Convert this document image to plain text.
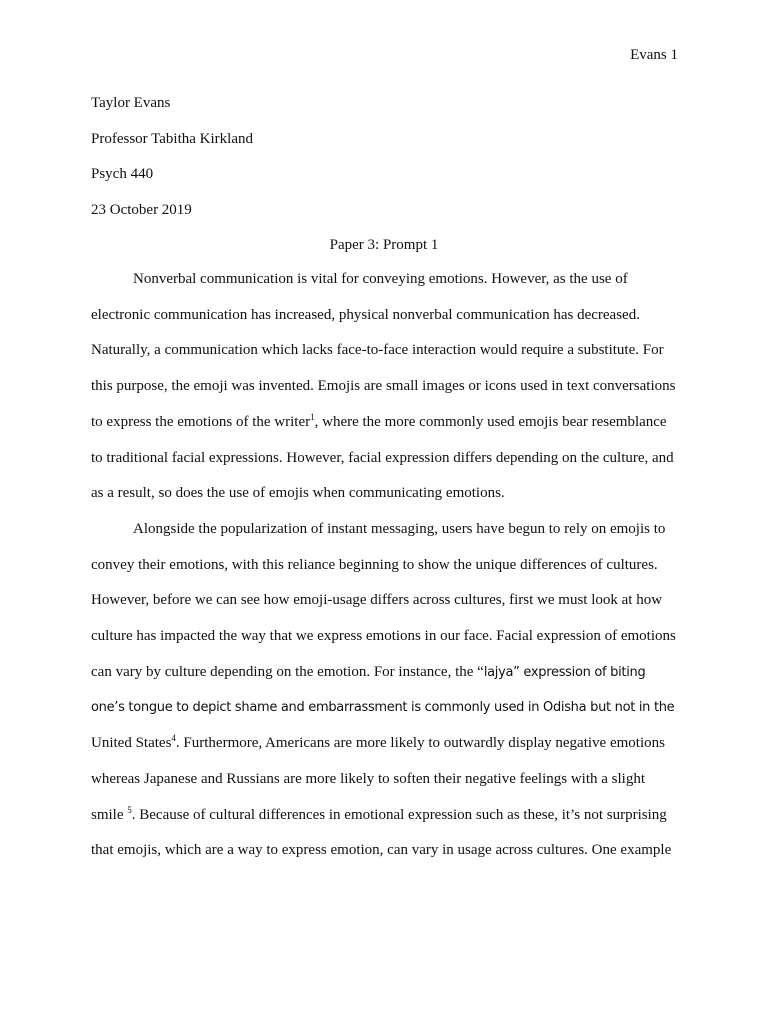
Evans 1
Taylor Evans
Professor Tabitha Kirkland
Psych 440
23 October 2019
Paper 3: Prompt 1

Nonverbal communication is vital for conveying emotions. However, as the use of electronic communication has increased, physical nonverbal communication has decreased. Naturally, a communication which lacks face-to-face interaction would require a substitute. For this purpose, the emoji was invented. Emojis are small images or icons used in text conversations to express the emotions of the writer$^1$, where the more commonly used emojis bear resemblance to traditional facial expressions. However, facial expression differs depending on the culture, and as a result, so does the use of emojis when communicating emotions.

Alongside the popularization of instant messaging, users have begun to rely on emojis to convey their emotions, with this reliance beginning to show the unique differences of cultures. However, before we can see how emoji-usage differs across cultures, first we must look at how culture has impacted the way that we express emotions in our face. Facial expression of emotions can vary by culture depending on the emotion. For instance, the “lajya” expression of biting one’s tongue to depict shame and embarrassment is commonly used in Odisha but not in the United States$^4$. Furthermore, Americans are more likely to outwardly display negative emotions whereas Japanese and Russians are more likely to soften their negative feelings with a slight smile $^5$. Because of cultural differences in emotional expression such as these, it’s not surprising that emojis, which are a way to express emotion, can vary in usage across cultures. One example
